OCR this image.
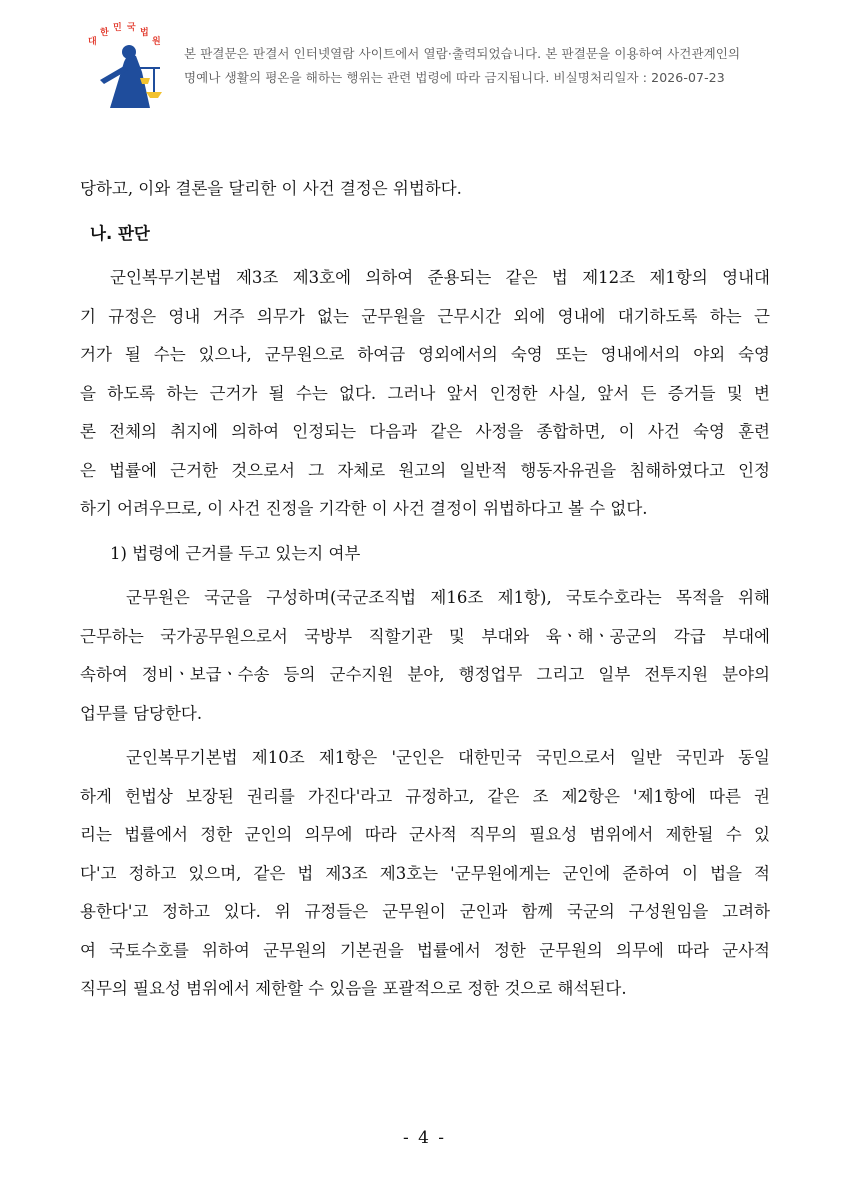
대
한 민 국 법
원
본 판결문은 판결서 인터넷열람 사이트에서 열람·출력되었습니다. 본 판결문을 이용하여 사건관계인의
명예나 생활의 평온을 해하는 행위는 관련 법령에 따라 금지됩니다. 비실명처리일자 : 2026-07-23
당하고, 이와 결론을 달리한 이 사건 결정은 위법하다.
나. 판단
군인복무기본법 제3조 제3호에 의하여 준용되는 같은 법 제12조 제1항의 영내대
기 규정은 영내 거주 의무가 없는 군무원을 근무시간 외에 영내에 대기하도록 하는 근
거가 될 수는 있으나, 군무원으로 하여금 영외에서의 숙영 또는 영내에서의 야외 숙영
을 하도록 하는 근거가 될 수는 없다. 그러나 앞서 인정한 사실, 앞서 든 증거들 및 변
론 전체의 취지에 의하여 인정되는 다음과 같은 사정을 종합하면, 이 사건 숙영 훈련
은 법률에 근거한 것으로서 그 자체로 원고의 일반적 행동자유권을 침해하였다고 인정
하기 어려우므로, 이 사건 진정을 기각한 이 사건 결정이 위법하다고 볼 수 없다.
1) 법령에 근거를 두고 있는지 여부
군무원은 국군을 구성하며(국군조직법 제16조 제1항), 국토수호라는 목적을 위해
근무하는 국가공무원으로서 국방부 직할기관 및 부대와 육ㆍ해ㆍ공군의 각급 부대에
속하여 정비ㆍ보급ㆍ수송 등의 군수지원 분야, 행정업무 그리고 일부 전투지원 분야의
업무를 담당한다.
군인복무기본법 제10조 제1항은 '군인은 대한민국 국민으로서 일반 국민과 동일
하게 헌법상 보장된 권리를 가진다'라고 규정하고, 같은 조 제2항은 '제1항에 따른 권
리는 법률에서 정한 군인의 의무에 따라 군사적 직무의 필요성 범위에서 제한될 수 있
다'고 정하고 있으며, 같은 법 제3조 제3호는 '군무원에게는 군인에 준하여 이 법을 적
용한다'고 정하고 있다. 위 규정들은 군무원이 군인과 함께 국군의 구성원임을 고려하
여 국토수호를 위하여 군무원의 기본권을 법률에서 정한 군무원의 의무에 따라 군사적
직무의 필요성 범위에서 제한할 수 있음을 포괄적으로 정한 것으로 해석된다.
- 4 -
